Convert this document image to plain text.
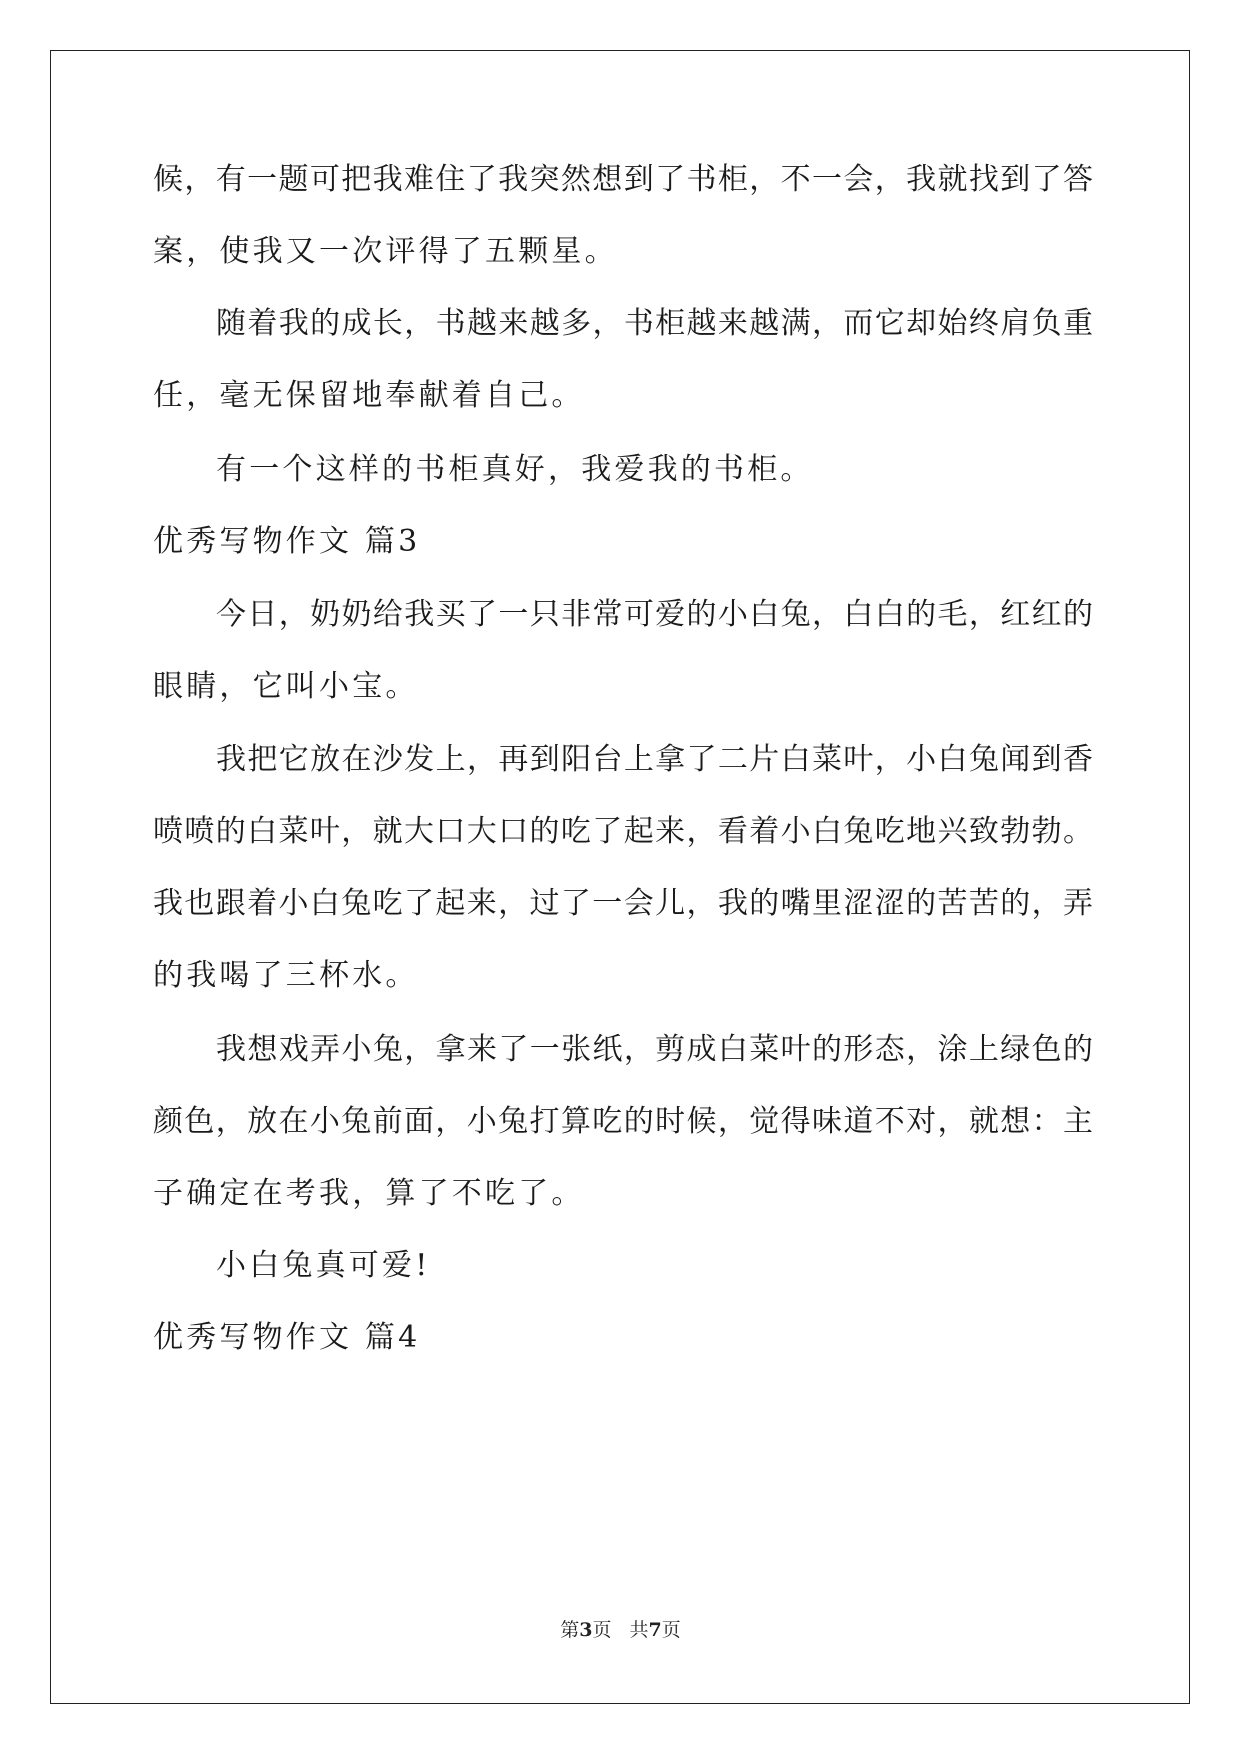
候，有一题可把我难住了我突然想到了书柜，不一会，我就找到了答
案，使我又一次评得了五颗星。
随着我的成长，书越来越多，书柜越来越满，而它却始终肩负重
任，毫无保留地奉献着自己。
有一个这样的书柜真好，我爱我的书柜。
优秀写物作文 篇3
今日，奶奶给我买了一只非常可爱的小白兔，白白的毛，红红的
眼睛，它叫小宝。
我把它放在沙发上，再到阳台上拿了二片白菜叶，小白兔闻到香
喷喷的白菜叶，就大口大口的吃了起来，看着小白兔吃地兴致勃勃。
我也跟着小白兔吃了起来，过了一会儿，我的嘴里涩涩的苦苦的，弄
的我喝了三杯水。
我想戏弄小兔，拿来了一张纸，剪成白菜叶的形态，涂上绿色的
颜色，放在小兔前面，小兔打算吃的时候，觉得味道不对，就想：主
子确定在考我，算了不吃了。
小白兔真可爱!
优秀写物作文 篇4
第3页 共7页
